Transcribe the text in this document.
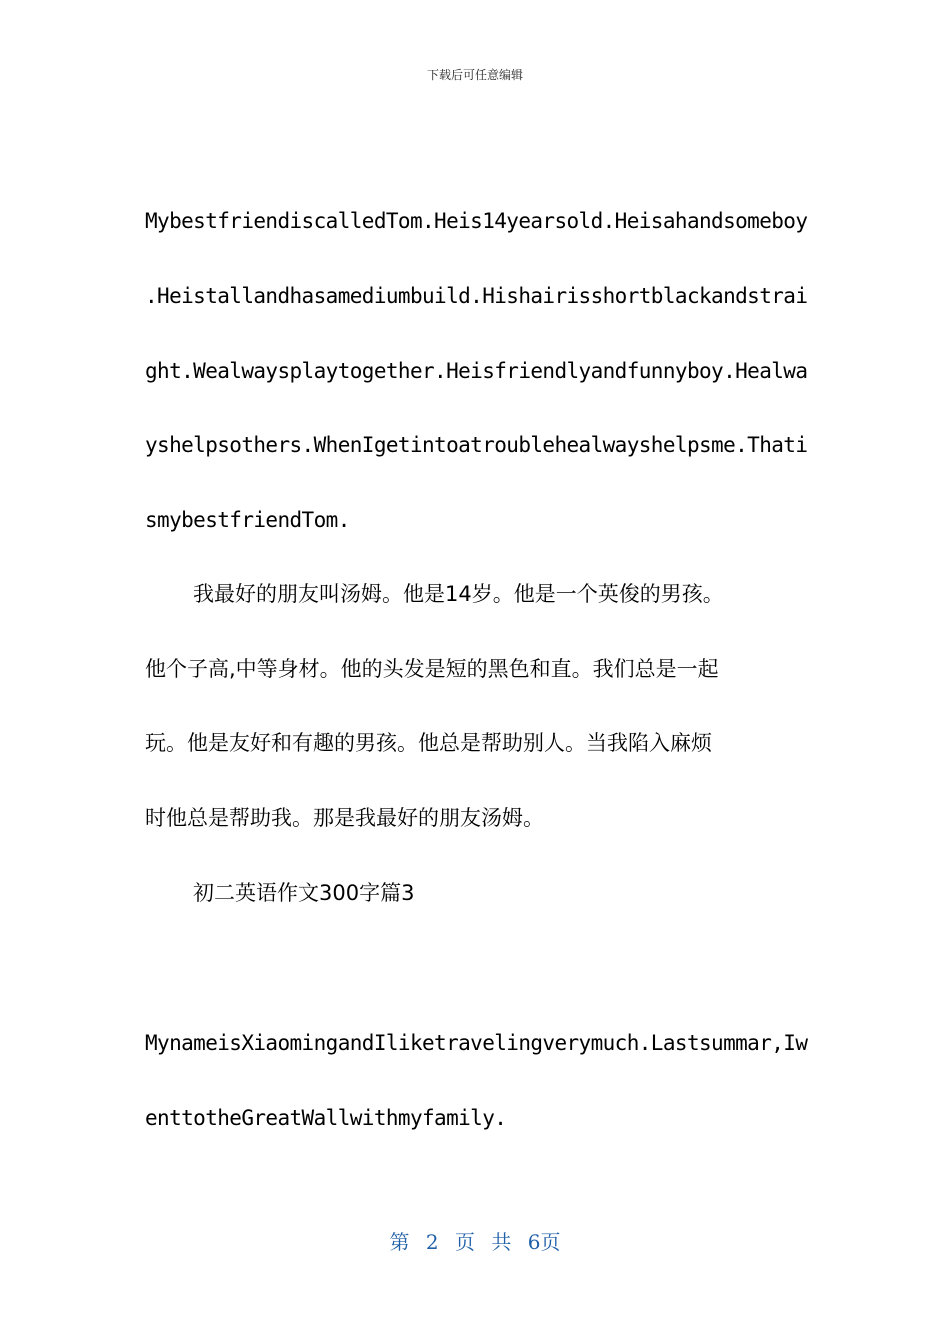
下载后可任意编辑
MybestfriendiscalledTom.Heis14yearsold.Heisahandsomeboy
.Heistallandhasamediumbuild.Hishairisshortblackandstrai
ght.Wealwaysplaytogether.Heisfriendlyandfunnyboy.Healwa
yshelpsothers.WhenIgetintoatroublehealwayshelpsme.Thati
smybestfriendTom.
我最好的朋友叫汤姆。他是14岁。他是一个英俊的男孩。
他个子高,中等身材。他的头发是短的黑色和直。我们总是一起
玩。他是友好和有趣的男孩。他总是帮助别人。当我陷入麻烦
时他总是帮助我。那是我最好的朋友汤姆。
初二英语作文300字篇3
MynameisXiaomingandIliketravelingverymuch.Lastsummar,Iw
enttotheGreatWallwithmyfamily.
第 2 页 共 6页
